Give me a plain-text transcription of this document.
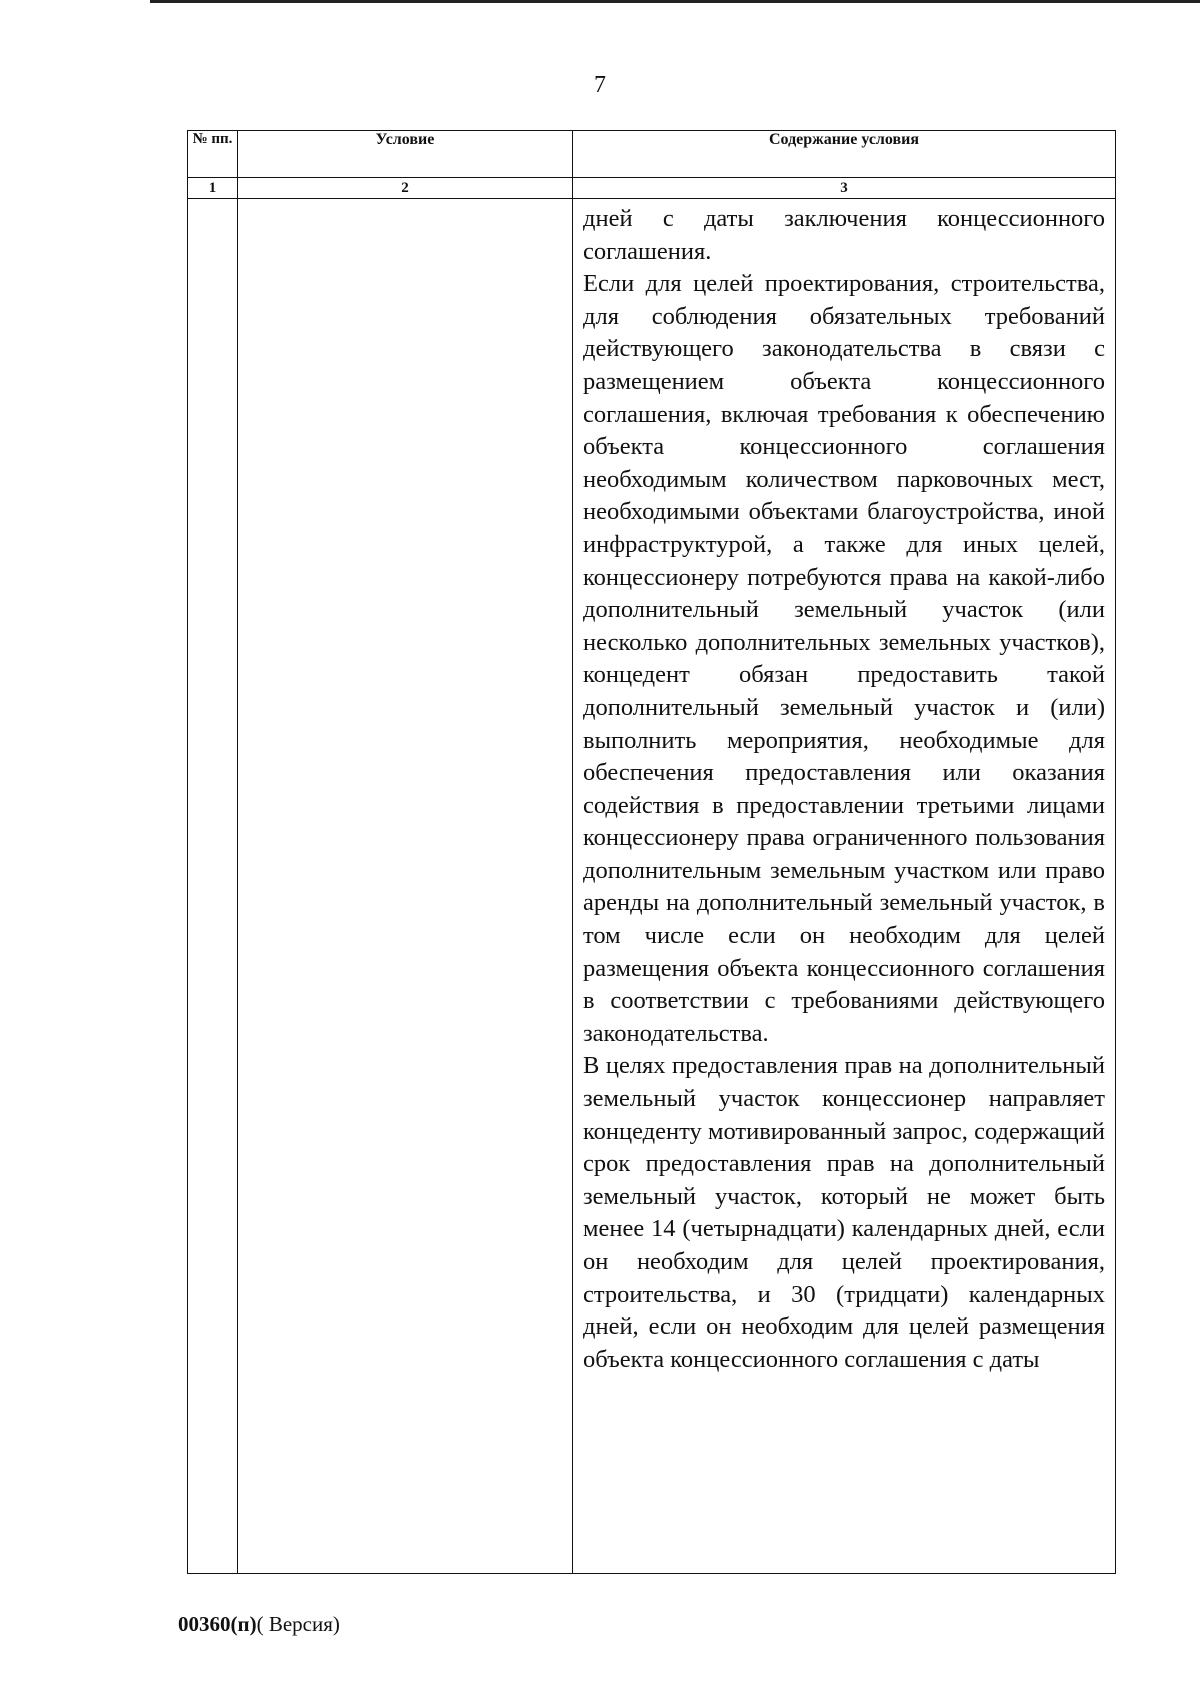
7
№ пп.	Условие	Содержание условия
1	2	3

		дней с даты заключения концессионного соглашения.

Если для целей проектирования, строительства, для соблюдения обязательных требований действующего законодательства в связи с размещением объекта концессионного соглашения, включая требования к обеспечению объекта концессионного соглашения необходимым количеством парковочных мест, необходимыми объектами благоустройства, иной инфраструктурой, а также для иных целей, концессионеру потребуются права на какой-либо дополнительный земельный участок (или несколько дополнительных земельных участков), концедент обязан предоставить такой дополнительный земельный участок и (или) выполнить мероприятия, необходимые для обеспечения предоставления или оказания содействия в предоставлении третьими лицами концессионеру права ограниченного пользования дополнительным земельным участком или право аренды на дополнительный земельный участок, в том числе если он необходим для целей размещения объекта концессионного соглашения в соответствии с требованиями действующего законодательства.

В целях предоставления прав на дополнительный земельный участок концессионер направляет концеденту мотивированный запрос, содержащий срок предоставления прав на дополнительный земельный участок, который не может быть менее 14 (четырнадцати) календарных дней, если он необходим для целей проектирования, строительства, и 30 (тридцати) календарных дней, если он необходим для целей размещения объекта концессионного соглашения с даты

00360(п)( Версия)
